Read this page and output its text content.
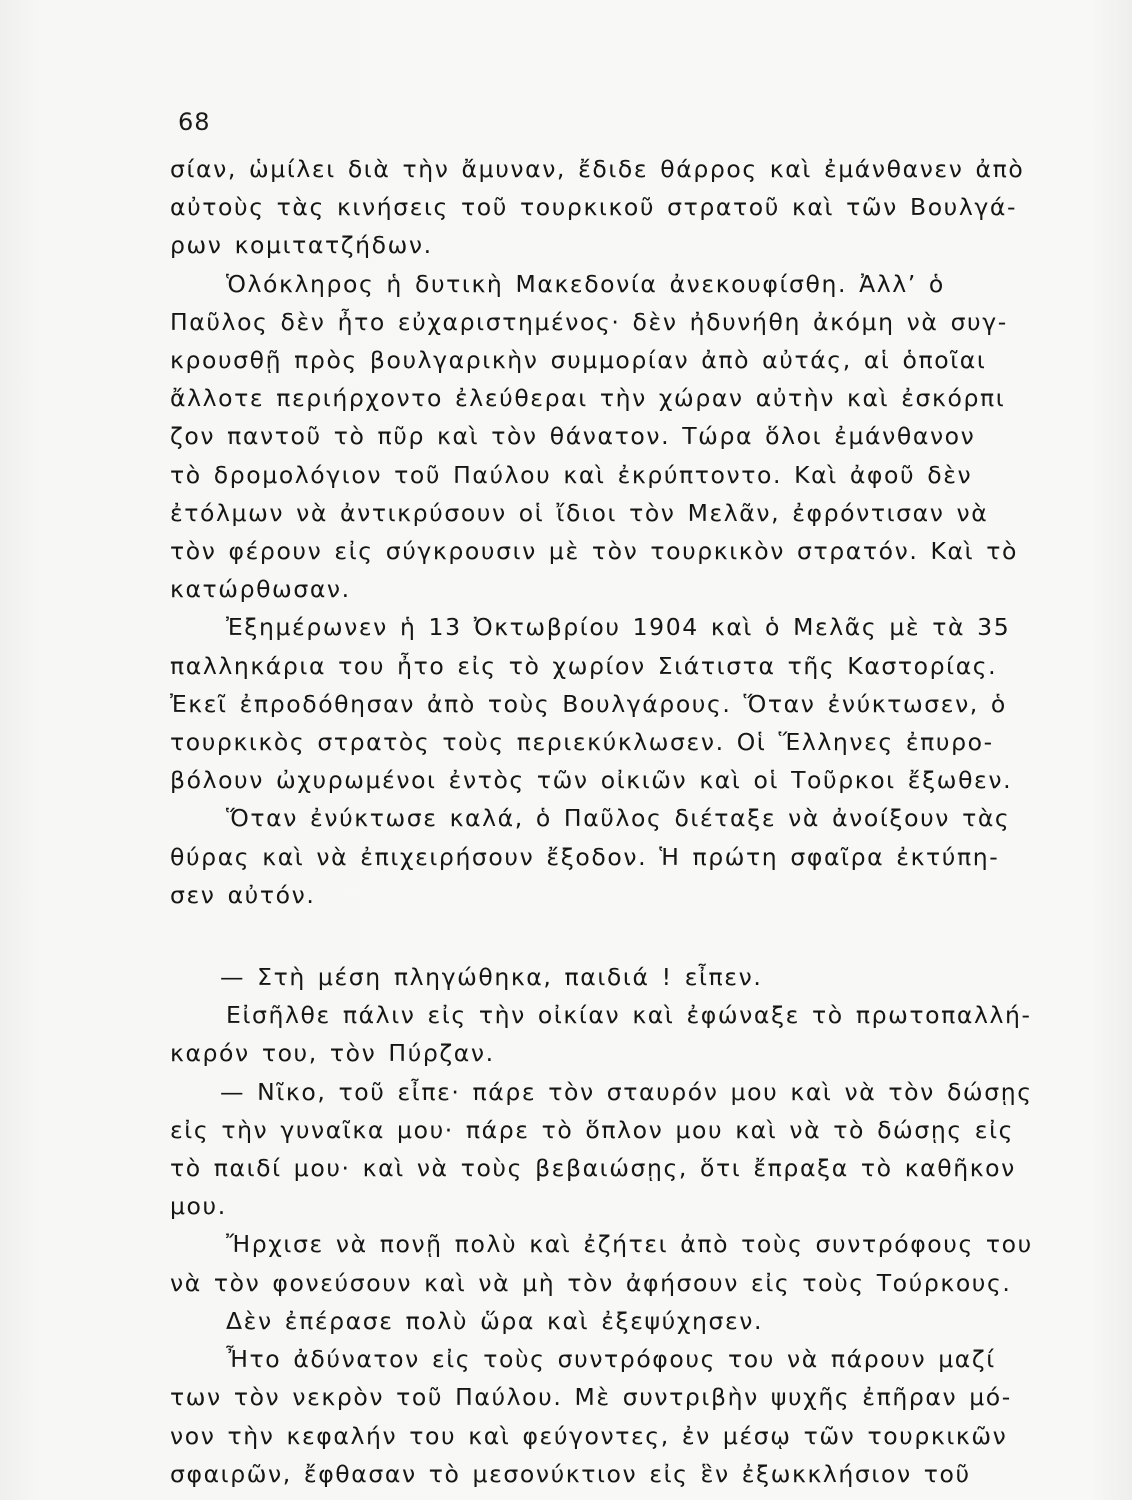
68
σίαν, ὡμίλει διὰ τὴν ἄμυναν, ἔδιδε θάρρος καὶ ἐμάνθανεν ἀπὸ
αὐτοὺς τὰς κινήσεις τοῦ τουρκικοῦ στρατοῦ καὶ τῶν Βουλγά-
ρων κομιτατζήδων.
Ὁλόκληρος ἡ δυτικὴ Μακεδονία ἀνεκουφίσθη. Ἀλλ’ ὁ
Παῦλος δὲν ἦτο εὐχαριστημένος· δὲν ἠδυνήθη ἀκόμη νὰ συγ-
κρουσθῇ πρὸς βουλγαρικὴν συμμορίαν ἀπὸ αὐτάς, αἱ ὁποῖαι
ἄλλοτε περιήρχοντο ἐλεύθεραι τὴν χώραν αὐτὴν καὶ ἐσκόρπι
ζον παντοῦ τὸ πῦρ καὶ τὸν θάνατον. Τώρα ὅλοι ἐμάνθανον
τὸ δρομολόγιον τοῦ Παύλου καὶ ἐκρύπτοντο. Καὶ ἀφοῦ δὲν
ἐτόλμων νὰ ἀντικρύσουν οἱ ἴδιοι τὸν Μελᾶν, ἐφρόντισαν νὰ
τὸν φέρουν εἰς σύγκρουσιν μὲ τὸν τουρκικὸν στρατόν. Καὶ τὸ
κατώρθωσαν.
Ἐξημέρωνεν ἡ 13 Ὀκτωβρίου 1904 καὶ ὁ Μελᾶς μὲ τὰ 35
παλληκάρια του ἦτο εἰς τὸ χωρίον Σιάτιστα τῆς Καστορίας.
Ἐκεῖ ἐπροδόθησαν ἀπὸ τοὺς Βουλγάρους. Ὅταν ἐνύκτωσεν, ὁ
τουρκικὸς στρατὸς τοὺς περιεκύκλωσεν. Οἱ Ἕλληνες ἐπυρο-
βόλουν ὠχυρωμένοι ἐντὸς τῶν οἰκιῶν καὶ οἱ Τοῦρκοι ἔξωθεν.
Ὅταν ἐνύκτωσε καλά, ὁ Παῦλος διέταξε νὰ ἀνοίξουν τὰς
θύρας καὶ νὰ ἐπιχειρήσουν ἔξοδον. Ἡ πρώτη σφαῖρα ἐκτύπη-
σεν αὐτόν.
— Στὴ μέση πληγώθηκα, παιδιά ! εἶπεν.
Εἰσῆλθε πάλιν εἰς τὴν οἰκίαν καὶ ἐφώναξε τὸ πρωτοπαλλή-
καρόν του, τὸν Πύρζαν.
— Νῖκο, τοῦ εἶπε· πάρε τὸν σταυρόν μου καὶ νὰ τὸν δώσῃς
εἰς τὴν γυναῖκα μου· πάρε τὸ ὅπλον μου καὶ νὰ τὸ δώσῃς εἰς
τὸ παιδί μου· καὶ νὰ τοὺς βεβαιώσῃς, ὅτι ἔπραξα τὸ καθῆκον
μου.
Ἤρχισε νὰ πονῇ πολὺ καὶ ἐζήτει ἀπὸ τοὺς συντρόφους του
νὰ τὸν φονεύσουν καὶ νὰ μὴ τὸν ἀφήσουν εἰς τοὺς Τούρκους.
Δὲν ἐπέρασε πολὺ ὥρα καὶ ἐξεψύχησεν.
Ἦτο ἀδύνατον εἰς τοὺς συντρόφους του νὰ πάρουν μαζί
των τὸν νεκρὸν τοῦ Παύλου. Μὲ συντριβὴν ψυχῆς ἐπῆραν μό-
νον τὴν κεφαλήν του καὶ φεύγοντες, ἐν μέσῳ τῶν τουρκικῶν
σφαιρῶν, ἔφθασαν τὸ μεσονύκτιον εἰς ἓν ἐξωκκλήσιον τοῦ
